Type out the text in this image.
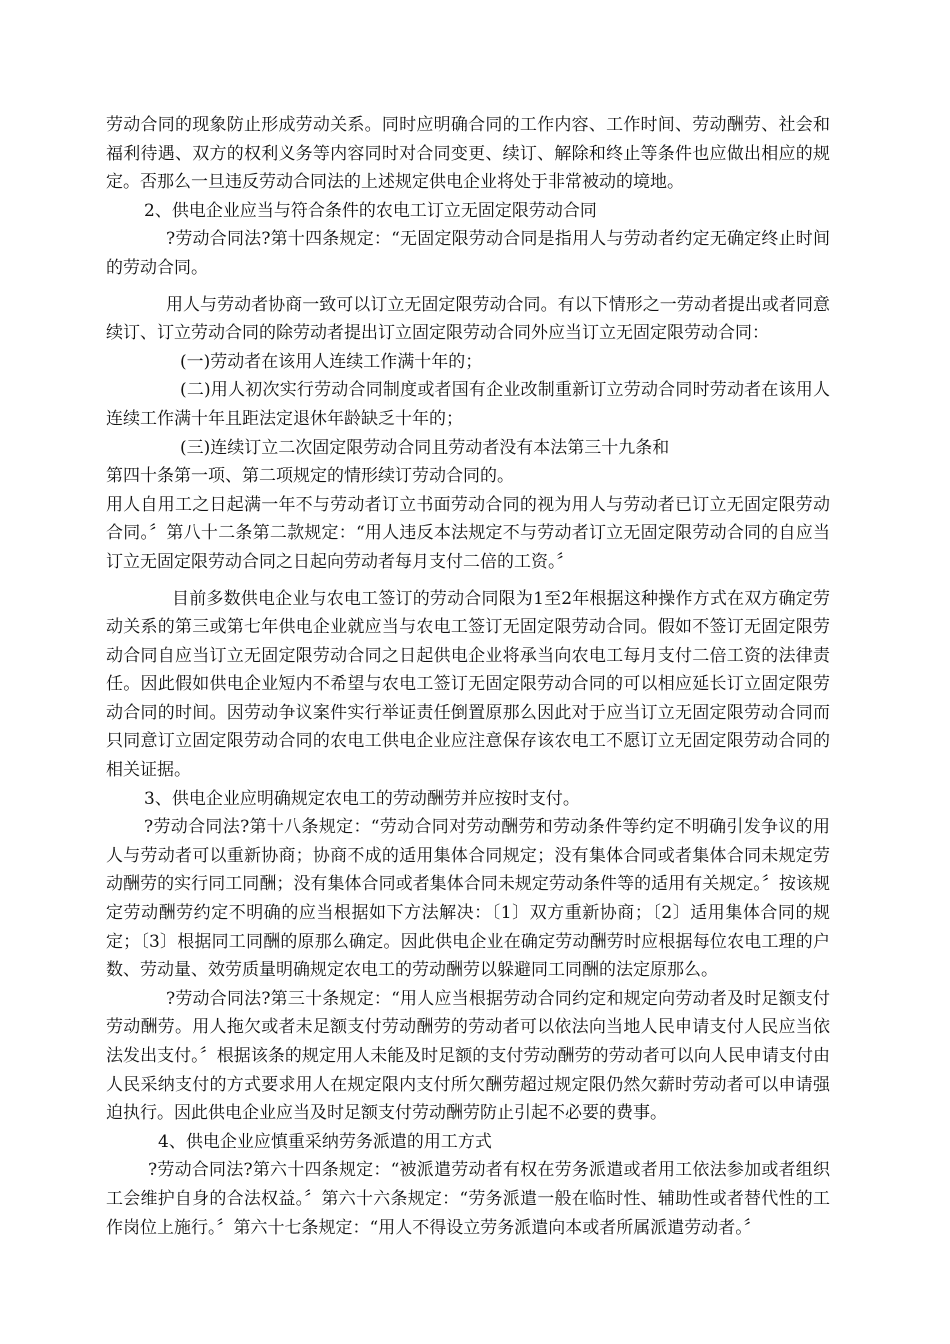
劳动合同的现象防止形成劳动关系。同时应明确合同的工作内容、工作时间、劳动酬劳、社会和福利待遇、双方的权利义务等内容同时对合同变更、续订、解除和终止等条件也应做出相应的规定。否那么一旦违反劳动合同法的上述规定供电企业将处于非常被动的境地。

2、供电企业应当与符合条件的农电工订立无固定限劳动合同

?劳动合同法?第十四条规定：“无固定限劳动合同是指用人与劳动者约定无确定终止时间的劳动合同。

用人与劳动者协商一致可以订立无固定限劳动合同。有以下情形之一劳动者提出或者同意续订、订立劳动合同的除劳动者提出订立固定限劳动合同外应当订立无固定限劳动合同：

(一)劳动者在该用人连续工作满十年的；

(二)用人初次实行劳动合同制度或者国有企业改制重新订立劳动合同时劳动者在该用人连续工作满十年且距法定退休年龄缺乏十年的；

(三)连续订立二次固定限劳动合同且劳动者没有本法第三十九条和

第四十条第一项、第二项规定的情形续订劳动合同的。

用人自用工之日起满一年不与劳动者订立书面劳动合同的视为用人与劳动者已订立无固定限劳动合同。〞第八十二条第二款规定：“用人违反本法规定不与劳动者订立无固定限劳动合同的自应当订立无固定限劳动合同之日起向劳动者每月支付二倍的工资。〞

目前多数供电企业与农电工签订的劳动合同限为1至2年根据这种操作方式在双方确定劳动关系的第三或第七年供电企业就应当与农电工签订无固定限劳动合同。假如不签订无固定限劳动合同自应当订立无固定限劳动合同之日起供电企业将承当向农电工每月支付二倍工资的法律责任。因此假如供电企业短内不希望与农电工签订无固定限劳动合同的可以相应延长订立固定限劳动合同的时间。因劳动争议案件实行举证责任倒置原那么因此对于应当订立无固定限劳动合同而只同意订立固定限劳动合同的农电工供电企业应注意保存该农电工不愿订立无固定限劳动合同的相关证据。

3、供电企业应明确规定农电工的劳动酬劳并应按时支付。

?劳动合同法?第十八条规定：“劳动合同对劳动酬劳和劳动条件等约定不明确引发争议的用人与劳动者可以重新协商；协商不成的适用集体合同规定；没有集体合同或者集体合同未规定劳动酬劳的实行同工同酬；没有集体合同或者集体合同未规定劳动条件等的适用有关规定。〞按该规定劳动酬劳约定不明确的应当根据如下方法解决：〔1〕双方重新协商；〔2〕适用集体合同的规定；〔3〕根据同工同酬的原那么确定。因此供电企业在确定劳动酬劳时应根据每位农电工理的户数、劳动量、效劳质量明确规定农电工的劳动酬劳以躲避同工同酬的法定原那么。

?劳动合同法?第三十条规定：“用人应当根据劳动合同约定和规定向劳动者及时足额支付劳动酬劳。用人拖欠或者未足额支付劳动酬劳的劳动者可以依法向当地人民申请支付人民应当依法发出支付。〞根据该条的规定用人未能及时足额的支付劳动酬劳的劳动者可以向人民申请支付由人民采纳支付的方式要求用人在规定限内支付所欠酬劳超过规定限仍然欠薪时劳动者可以申请强迫执行。因此供电企业应当及时足额支付劳动酬劳防止引起不必要的费事。

4、供电企业应慎重采纳劳务派遣的用工方式

?劳动合同法?第六十四条规定：“被派遣劳动者有权在劳务派遣或者用工依法参加或者组织工会维护自身的合法权益。〞第六十六条规定：“劳务派遣一般在临时性、辅助性或者替代性的工作岗位上施行。〞第六十七条规定：“用人不得设立劳务派遣向本或者所属派遣劳动者。〞
